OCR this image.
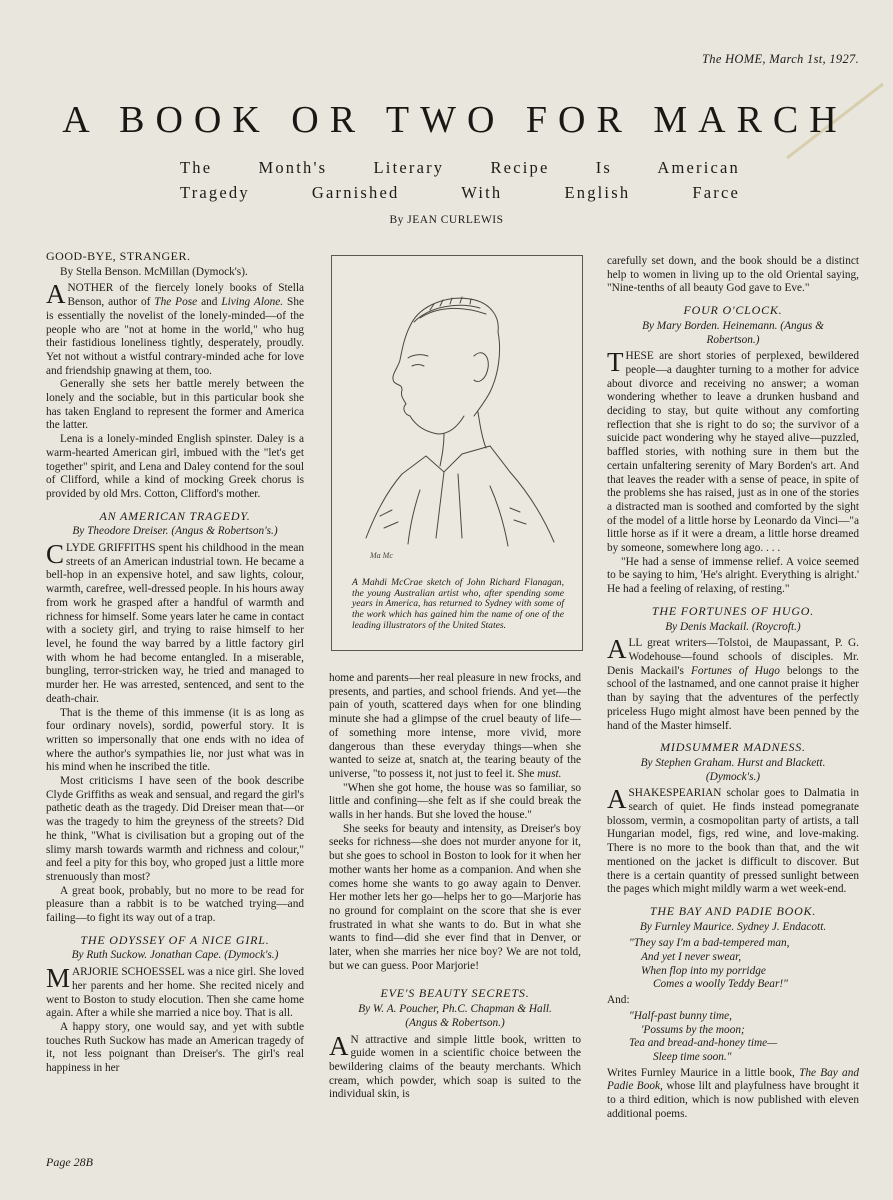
The HOME, March 1st, 1927.
A BOOK OR TWO FOR MARCH
The Month's Literary Recipe Is American
Tragedy Garnished With English Farce
By JEAN CURLEWIS
GOOD-BYE, STRANGER.
By Stella Benson. McMillan (Dymock's).

ANOTHER of the fiercely lonely books of Stella Benson, author of The Pose and Living Alone. She is essentially the novelist of the lonely-minded—of the people who are "not at home in the world," who hug their fastidious loneliness tightly, desperately, proudly. Yet not without a wistful contrary-minded ache for love and friendship gnawing at them, too.

Generally she sets her battle merely between the lonely and the sociable, but in this particular book she has taken England to represent the former and America the latter.

Lena is a lonely-minded English spinster. Daley is a warm-hearted American girl, imbued with the "let's get together" spirit, and Lena and Daley contend for the soul of Clifford, while a kind of mocking Greek chorus is provided by old Mrs. Cotton, Clifford's mother.

AN AMERICAN TRAGEDY.
By Theodore Dreiser. (Angus & Robertson's.)

CLYDE GRIFFITHS spent his childhood in the mean streets of an American industrial town. He became a bell-hop in an expensive hotel, and saw lights, colour, warmth, carefree, well-dressed people. In his hours away from work he grasped after a handful of warmth and richness for himself. Some years later he came in contact with a society girl, and trying to raise himself to her level, he found the way barred by a little factory girl with whom he had become entangled. In a miserable, bungling, terror-stricken way, he tried and managed to murder her. He was arrested, sentenced, and sent to the death-chair.

That is the theme of this immense (it is as long as four ordinary novels), sordid, powerful story. It is written so impersonally that one ends with no idea of where the author's sympathies lie, nor just what was in his mind when he inscribed the title.

Most criticisms I have seen of the book describe Clyde Griffiths as weak and sensual, and regard the girl's pathetic death as the tragedy. Did Dreiser mean that—or was the tragedy to him the greyness of the streets? Did he think, "What is civilisation but a groping out of the slimy marsh towards warmth and richness and colour," and feel a pity for this boy, who groped just a little more strenuously than most?

A great book, probably, but no more to be read for pleasure than a rabbit is to be watched trying—and failing—to fight its way out of a trap.

THE ODYSSEY OF A NICE GIRL.
By Ruth Suckow. Jonathan Cape. (Dymock's.)

MARJORIE SCHOESSEL was a nice girl. She loved her parents and her home. She recited nicely and went to Boston to study elocution. Then she came home again. After a while she married a nice boy. That is all.

A happy story, one would say, and yet with subtle touches Ruth Suckow has made an American tragedy of it, not less poignant than Dreiser's. The girl's real happiness in her

Ma Mc
A Mahdi McCrae sketch of John Richard Flanagan, the young Australian artist who, after spending some years in America, has returned to Sydney with some of the work which has gained him the name of one of the leading illustrators of the United States.

home and parents—her real pleasure in new frocks, and presents, and parties, and school friends. And yet—the pain of youth, scattered days when for one blinding minute she had a glimpse of the cruel beauty of life—of something more intense, more vivid, more dangerous than these everyday things—when she wanted to seize at, snatch at, the tearing beauty of the universe, "to possess it, not just to feel it. She must.

"When she got home, the house was so familiar, so little and confining—she felt as if she could break the walls in her hands. But she loved the house."

She seeks for beauty and intensity, as Dreiser's boy seeks for richness—she does not murder anyone for it, but she goes to school in Boston to look for it when her mother wants her home as a companion. And when she comes home she wants to go away again to Denver. Her mother lets her go—helps her to go—Marjorie has no ground for complaint on the score that she is ever frustrated in what she wants to do. But in what she wants to find—did she ever find that in Denver, or later, when she marries her nice boy? We are not told, but we can guess. Poor Marjorie!

EVE'S BEAUTY SECRETS.
By W. A. Poucher, Ph.C. Chapman & Hall.
(Angus & Robertson.)

AN attractive and simple little book, written to guide women in a scientific choice between the bewildering claims of the beauty merchants. Which cream, which powder, which soap is suited to the individual skin, is

carefully set down, and the book should be a distinct help to women in living up to the old Oriental saying, "Nine-tenths of all beauty God gave to Eve."

FOUR O'CLOCK.
By Mary Borden. Heinemann. (Angus &
Robertson.)

THESE are short stories of perplexed, bewildered people—a daughter turning to a mother for advice about divorce and receiving no answer; a woman wondering whether to leave a drunken husband and deciding to stay, but quite without any comforting reflection that she is right to do so; the survivor of a suicide pact wondering why he stayed alive—puzzled, baffled stories, with nothing sure in them but the certain unfaltering serenity of Mary Borden's art. And that leaves the reader with a sense of peace, in spite of the problems she has raised, just as in one of the stories a distracted man is soothed and comforted by the sight of the model of a little horse by Leonardo da Vinci—"a little horse as if it were a dream, a little horse dreamed by someone, somewhere long ago. . . .

"He had a sense of immense relief. A voice seemed to be saying to him, 'He's alright. Everything is alright.' He had a feeling of relaxing, of resting."

THE FORTUNES OF HUGO.
By Denis Mackail. (Roycroft.)

ALL great writers—Tolstoi, de Maupassant, P. G. Wodehouse—found schools of disciples. Mr. Denis Mackail's Fortunes of Hugo belongs to the school of the lastnamed, and one cannot praise it higher than by saying that the adventures of the perfectly priceless Hugo might almost have been penned by the hand of the Master himself.

MIDSUMMER MADNESS.
By Stephen Graham. Hurst and Blackett.
(Dymock's.)

ASHAKESPEARIAN scholar goes to Dalmatia in search of quiet. He finds instead pomegranate blossom, vermin, a cosmopolitan party of artists, a tall Hungarian model, figs, red wine, and love-making. There is no more to the book than that, and the wit mentioned on the jacket is difficult to discover. But there is a certain quantity of pressed sunlight between the pages which might mildly warm a wet week-end.

THE BAY AND PADIE BOOK.
By Furnley Maurice. Sydney J. Endacott.
"They say I'm a bad-tempered man,
And yet I never swear,
When flop into my porridge
Comes a woolly Teddy Bear!"
And:
"Half-past bunny time,
'Possums by the moon;
Tea and bread-and-honey time—
Sleep time soon."

Writes Furnley Maurice in a little book, The Bay and Padie Book, whose lilt and playfulness have brought it to a third edition, which is now published with eleven additional poems.

Page 28B
